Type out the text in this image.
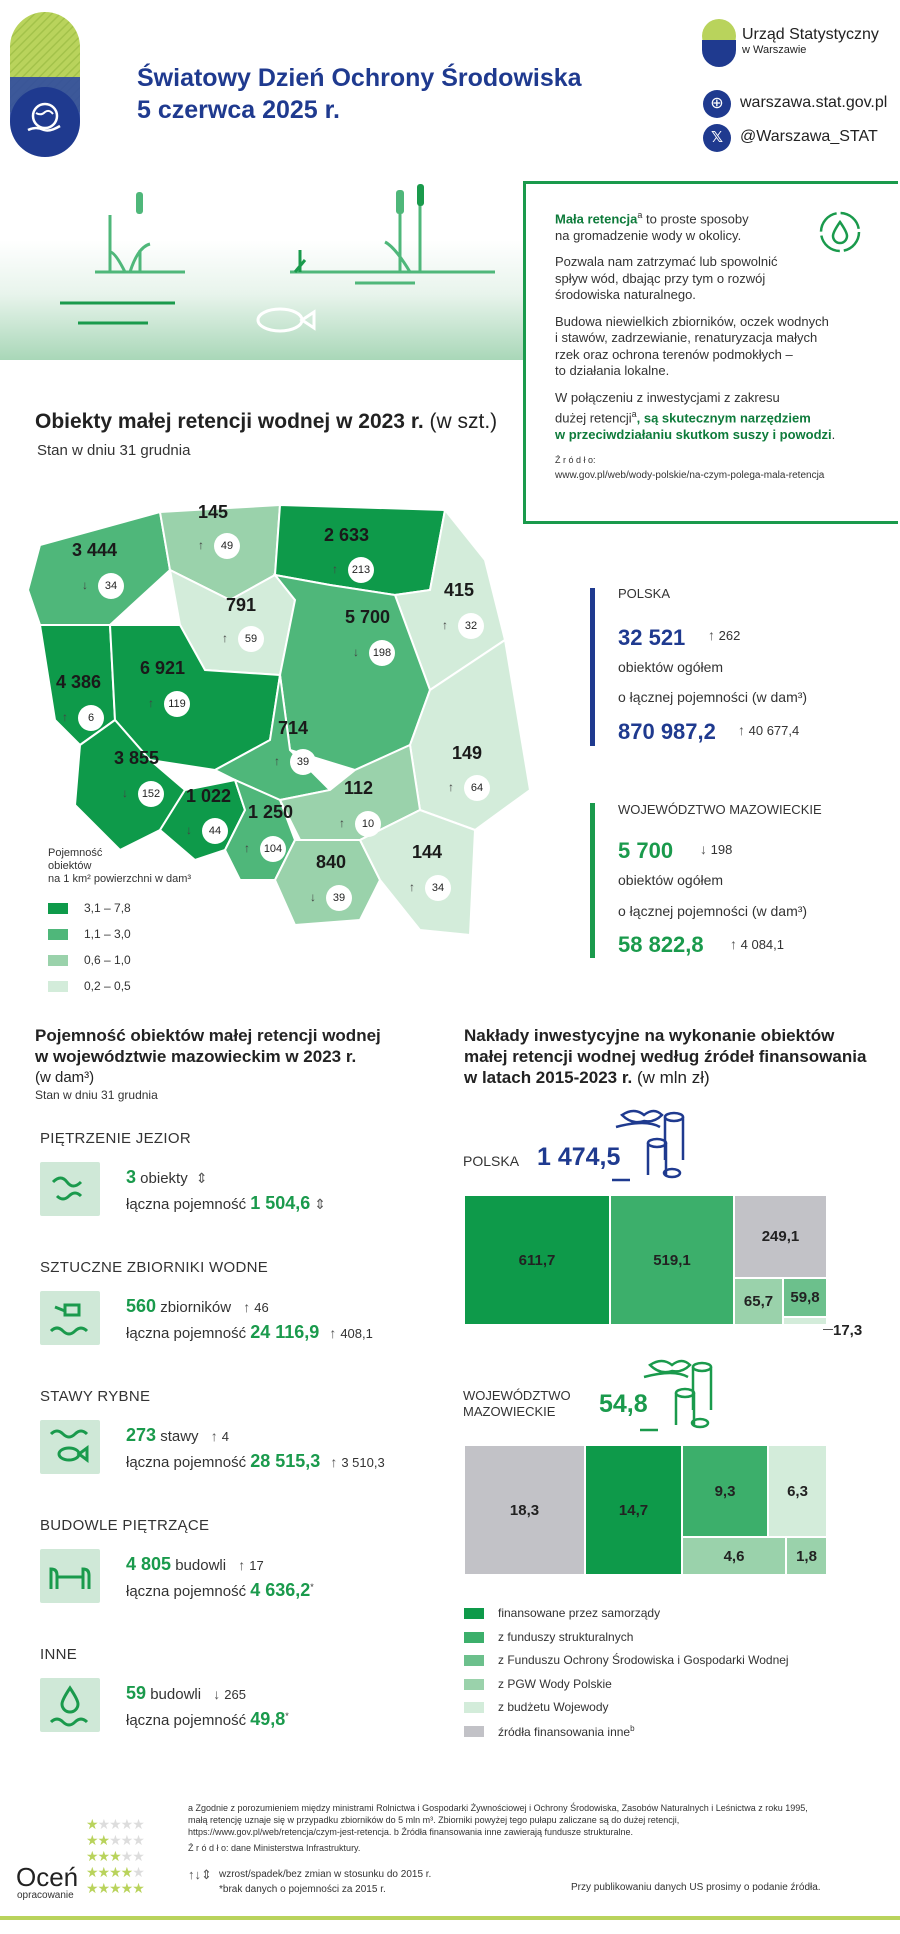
Światowy Dzień Ochrony Środowiska
5 czerwca 2025 r.
Urząd Statystyczny
w Warszawie
⊕	warszawa.stat.gov.pl
𝕏	@Warszawa_STAT
Mała retencja$^a$ to proste sposoby
na gromadzenie wody w okolicy.
Pozwala nam zatrzymać lub spowolnić
spływ wód, dbając przy tym o rozwój
środowiska naturalnego.
Budowa niewielkich zbiorników, oczek wodnych
i stawów, zadrzewianie, renaturyzacja małych
rzek oraz ochrona terenów podmokłych –
to działania lokalne.
W połączeniu z inwestycjami z zakresu
dużej retencji$^a$, są skutecznym narzędziem
w przeciwdziałaniu skutkom suszy i powodzi.
Ź r ó d ł o:
www.gov.pl/web/wody-polskie/na-czym-polega-mala-retencja
Obiekty małej retencji wodnej w 2023 r. (w szt.)
Stan w dniu 31 grudnia
3 444
↓	34
145
↑	49
2 633
↑	213
415
↑	32
791
↑	59
5 700
↓	198
4 386
↑	6
6 921
↑	119
714
↑	39	149
↑	64
3 855
↓	152 1 022
↓	44
1 250
↑	104
112
↑	10
840
↓	39
144
↑	34
Pojemność
obiektów
na 1 km² powierzchni w dam³
3,1 – 7,8
1,1 – 3,0
0,6 – 1,0
0,2 – 0,5
POLSKA
32 521 ↑ 262
obiektów ogółem
o łącznej pojemności (w dam³)
870 987,2 ↑ 40 677,4
WOJEWÓDZTWO MAZOWIECKIE
5 700 ↓ 198
obiektów ogółem
o łącznej pojemności (w dam³)
58 822,8 ↑ 4 084,1
Pojemność obiektów małej retencji wodnej
w województwie mazowieckim w 2023 r.
(w dam³)
Stan w dniu 31 grudnia
PIĘTRZENIE JEZIOR
3 obiekty ⇕
łączna pojemność 1 504,6 ⇕
SZTUCZNE ZBIORNIKI WODNE
560 zbiorników ↑ 46
łączna pojemność 24 116,9 ↑ 408,1
STAWY RYBNE
273 stawy ↑ 4
łączna pojemność 28 515,3 ↑ 3 510,3
BUDOWLE PIĘTRZĄCE
4 805 budowli ↑ 17
łączna pojemność 4 636,2*
INNE
59 budowli ↓ 265
łączna pojemność 49,8*
Nakłady inwestycyjne na wykonanie obiektów
małej retencji wodnej według źródeł finansowania
w latach 2015-2023 r. (w mln zł)
POLSKA 1 474,5
611,7	519,1
249,1
65,7	59,8
17,3
WOJEWÓDZTWO
MAZOWIECKIE	54,8
18,3	14,7
9,3	6,3
4,6	1,8
finansowane przez samorządy
z funduszy strukturalnych
z Funduszu Ochrony Środowiska i Gospodarki Wodnej
z PGW Wody Polskie
z budżetu Wojewody
źródła finansowania inne$^b$
a Zgodnie z porozumieniem między ministrami Rolnictwa i Gospodarki Żywnościowej i Ochrony Środowiska, Zasobów Naturalnych i Leśnictwa z roku 1995,
małą retencję uznaje się w przypadku zbiorników do 5 mln m³. Zbiorniki powyżej tego pułapu zaliczane są do dużej retencji,
https://www.gov.pl/web/retencja/czym-jest-retencja. b Źródła finansowania inne zawierają fundusze strukturalne.
Ź r ó d ł o: dane Ministerstwa Infrastruktury.
↑↓⇕ wzrost/spadek/bez zmian w stosunku do 2015 r.
*brak danych o pojemności za 2015 r.	Przy publikowaniu danych US prosimy o podanie źródła.
★★★★★
★★★★★
★★★★★
★★★★★
★★★★★
Oceń
opracowanie
